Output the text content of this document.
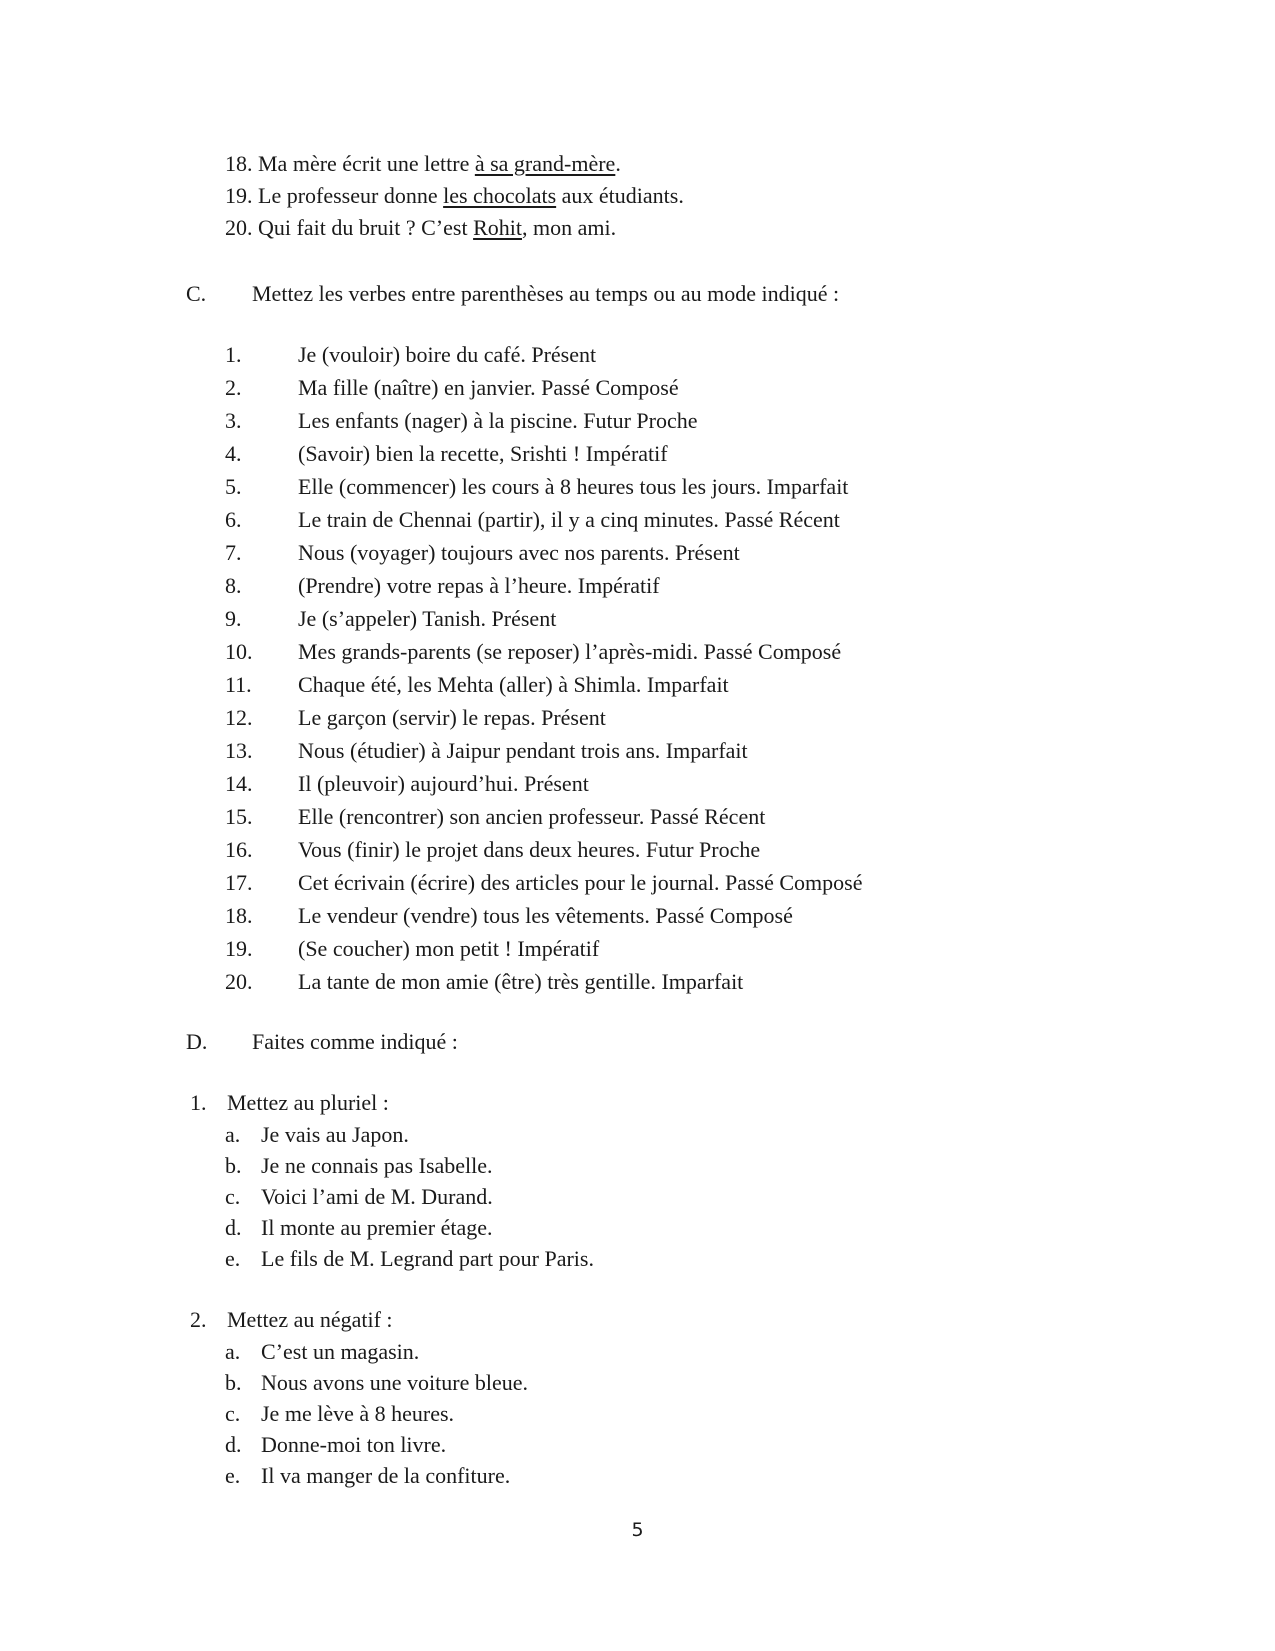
18. Ma mère écrit une lettre à sa grand-mère.
19. Le professeur donne les chocolats aux étudiants.
20. Qui fait du bruit ? C’est Rohit, mon ami.
C. Mettez les verbes entre parenthèses au temps ou au mode indiqué :
1.	Je (vouloir) boire du café. Présent
2.	Ma fille (naître) en janvier. Passé Composé
3.	Les enfants (nager) à la piscine. Futur Proche
4.	(Savoir) bien la recette, Srishti ! Impératif
5.	Elle (commencer) les cours à 8 heures tous les jours. Imparfait
6.	Le train de Chennai (partir), il y a cinq minutes. Passé Récent
7.	Nous (voyager) toujours avec nos parents. Présent
8.	(Prendre) votre repas à l’heure. Impératif
9.	Je (s’appeler) Tanish. Présent
10. Mes grands-parents (se reposer) l’après-midi. Passé Composé
11. Chaque été, les Mehta (aller) à Shimla. Imparfait
12. Le garçon (servir) le repas. Présent
13. Nous (étudier) à Jaipur pendant trois ans. Imparfait
14. Il (pleuvoir) aujourd’hui. Présent
15. Elle (rencontrer) son ancien professeur. Passé Récent
16. Vous (finir) le projet dans deux heures. Futur Proche
17. Cet écrivain (écrire) des articles pour le journal. Passé Composé
18. Le vendeur (vendre) tous les vêtements. Passé Composé
19. (Se coucher) mon petit ! Impératif
20. La tante de mon amie (être) très gentille. Imparfait
D. Faites comme indiqué :
1. Mettez au pluriel :
a. Je vais au Japon.
b. Je ne connais pas Isabelle.
c. Voici l’ami de M. Durand.
d. Il monte au premier étage.
e. Le fils de M. Legrand part pour Paris.
2. Mettez au négatif :
a. C’est un magasin.
b. Nous avons une voiture bleue.
c. Je me lève à 8 heures.
d. Donne-moi ton livre.
e. Il va manger de la confiture.
5
